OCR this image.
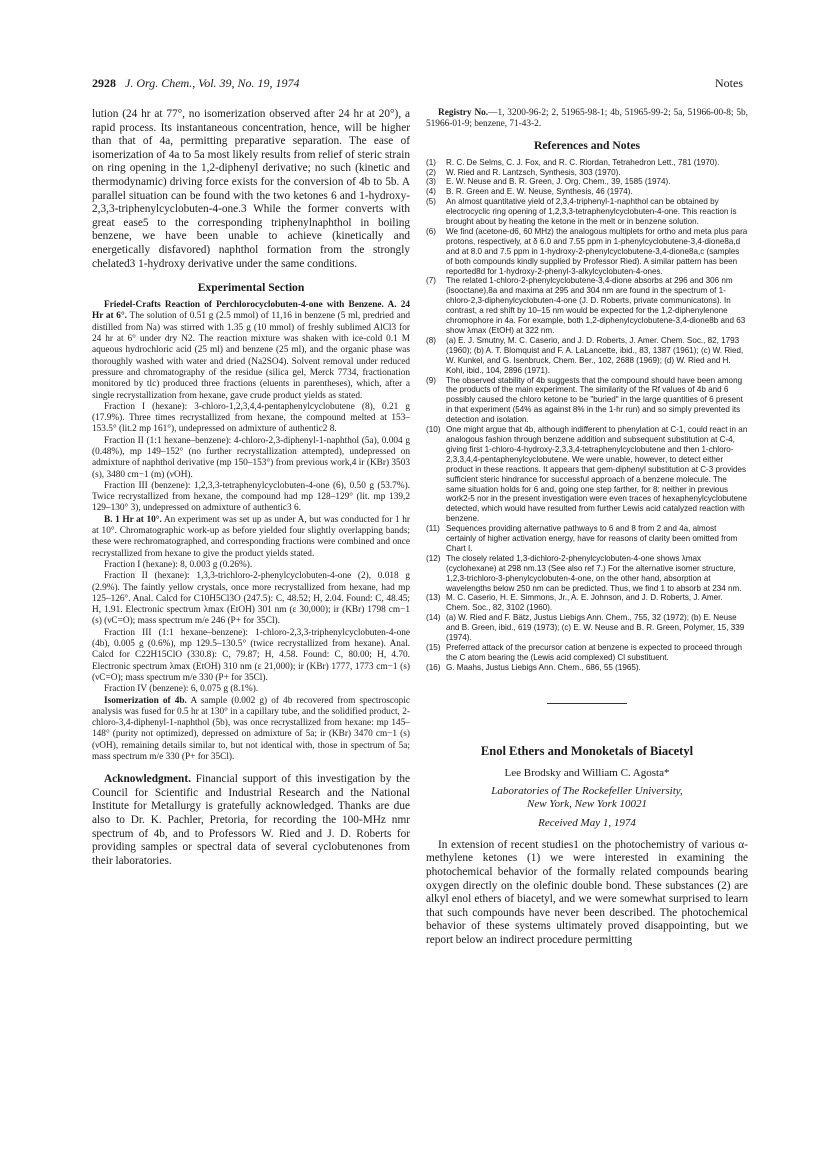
2928 J. Org. Chem., Vol. 39, No. 19, 1974	Notes

lution (24 hr at 77°, no isomerization observed after 24 hr at 20°), a rapid process. Its instantaneous concentration, hence, will be higher than that of 4a, permitting preparative separation. The ease of isomerization of 4a to 5a most likely results from relief of steric strain on ring opening in the 1,2-diphenyl derivative; no such (kinetic and thermodynamic) driving force exists for the conversion of 4b to 5b. A parallel situation can be found with the two ketones 6 and 1-hydroxy-2,3,3-triphenylcyclobuten-4-one.3 While the former converts with great ease5 to the corresponding triphenylnaphthol in boiling benzene, we have been unable to achieve (kinetically and energetically disfavored) naphthol formation from the strongly chelated3 1-hydroxy derivative under the same conditions.

Experimental Section

Friedel-Crafts Reaction of Perchlorocyclobuten-4-one with Benzene. A. 24 Hr at 6°. The solution of 0.51 g (2.5 mmol) of 11,16 in benzene (5 ml, predried and distilled from Na) was stirred with 1.35 g (10 mmol) of freshly sublimed AlCl3 for 24 hr at 6° under dry N2. The reaction mixture was shaken with ice-cold 0.1 M aqueous hydrochloric acid (25 ml) and benzene (25 ml), and the organic phase was thoroughly washed with water and dried (Na2SO4). Solvent removal under reduced pressure and chromatography of the residue (silica gel, Merck 7734, fractionation monitored by tlc) produced three fractions (eluents in parentheses), which, after a single recrystallization from hexane, gave crude product yields as stated.

Fraction I (hexane): 3-chloro-1,2,3,4,4-pentaphenylcyclobutene (8), 0.21 g (17.9%). Three times recrystallized from hexane, the compound melted at 153–153.5° (lit.2 mp 161°), undepressed on admixture of authentic2 8.

Fraction II (1:1 hexane–benzene): 4-chloro-2,3-diphenyl-1-naphthol (5a), 0.004 g (0.48%), mp 149–152° (no further recrystallization attempted), undepressed on admixture of naphthol derivative (mp 150–153°) from previous work,4 ir (KBr) 3503 (s), 3480 cm−1 (m) (νOH).

Fraction III (benzene): 1,2,3,3-tetraphenylcyclobuten-4-one (6), 0.50 g (53.7%). Twice recrystallized from hexane, the compound had mp 128–129° (lit. mp 139,2 129–130° 3), undepressed on admixture of authentic3 6.

B. 1 Hr at 10°. An experiment was set up as under A, but was conducted for 1 hr at 10°. Chromatographic work-up as before yielded four slightly overlapping bands; these were rechromatographed, and corresponding fractions were combined and once recrystallized from hexane to give the product yields stated.

Fraction I (hexane): 8, 0.003 g (0.26%).

Fraction II (hexane): 1,3,3-trichloro-2-phenylcyclobuten-4-one (2), 0.018 g (2.9%). The faintly yellow crystals, once more recrystallized from hexane, had mp 125–126°. Anal. Calcd for C10H5Cl3O (247.5): C, 48.52; H, 2.04. Found: C, 48.45; H, 1.91. Electronic spectrum λmax (EtOH) 301 nm (ε 30,000); ir (KBr) 1798 cm−1 (s) (νC=O); mass spectrum m/e 246 (P+ for 35Cl).

Fraction III (1:1 hexane–benzene): 1-chloro-2,3,3-triphenylcyclobuten-4-one (4b), 0.005 g (0.6%), mp 129.5–130.5° (twice recrystallized from hexane). Anal. Calcd for C22H15ClO (330.8): C, 79.87; H, 4.58. Found: C, 80.00; H, 4.70. Electronic spectrum λmax (EtOH) 310 nm (ε 21,000); ir (KBr) 1777, 1773 cm−1 (s) (νC=O); mass spectrum m/e 330 (P+ for 35Cl).

Fraction IV (benzene): 6, 0.075 g (8.1%).

Isomerization of 4b. A sample (0.002 g) of 4b recovered from spectroscopic analysis was fused for 0.5 hr at 130° in a capillary tube, and the solidified product, 2-chloro-3,4-diphenyl-1-naphthol (5b), was once recrystallized from hexane: mp 145–148° (purity not optimized), depressed on admixture of 5a; ir (KBr) 3470 cm−1 (s) (νOH), remaining details similar to, but not identical with, those in spectrum of 5a; mass spectrum m/e 330 (P+ for 35Cl).

Acknowledgment. Financial support of this investigation by the Council for Scientific and Industrial Research and the National Institute for Metallurgy is gratefully acknowledged. Thanks are due also to Dr. K. Pachler, Pretoria, for recording the 100-MHz nmr spectrum of 4b, and to Professors W. Ried and J. D. Roberts for providing samples or spectral data of several cyclobutenones from their laboratories.

Registry No.—1, 3200-96-2; 2, 51965-98-1; 4b, 51965-99-2; 5a, 51966-00-8; 5b, 51966-01-9; benzene, 71-43-2.

References and Notes
(1) R. C. De Selms, C. J. Fox, and R. C. Riordan, Tetrahedron Lett., 781 (1970).
(2) W. Ried and R. Lantzsch, Synthesis, 303 (1970).
(3) E. W. Neuse and B. R. Green, J. Org. Chem., 39, 1585 (1974).
(4) B. R. Green and E. W. Neuse, Synthesis, 46 (1974).
(5) An almost quantitative yield of 2,3,4-triphenyl-1-naphthol can be obtained by electrocyclic ring opening of 1,2,3,3-tetraphenylcyclobuten-4-one. This reaction is brought about by heating the ketone in the melt or in benzene solution.
(6) We find (acetone-d6, 60 MHz) the analogous multiplets for ortho and meta plus para protons, respectively, at δ 6.0 and 7.55 ppm in 1-phenylcyclobutene-3,4-dione8a,d and at 8.0 and 7.5 ppm in 1-hydroxy-2-phenylcyclobutene-3,4-dione8a,c (samples of both compounds kindly supplied by Professor Ried). A similar pattern has been reported8d for 1-hydroxy-2-phenyl-3-alkylcyclobuten-4-ones.
(7) The related 1-chloro-2-phenylcyclobutene-3,4-dione absorbs at 296 and 306 nm (isooctane),8a and maxima at 295 and 304 nm are found in the spectrum of 1-chloro-2,3-diphenylcyclobuten-4-one (J. D. Roberts, private communicatons). In contrast, a red shift by 10–15 nm would be expected for the 1,2-diphenylenone chromophore in 4a. For example, both 1,2-diphenylcyclobutene-3,4-dione8b and 63 show λmax (EtOH) at 322 nm.
(8) (a) E. J. Smutny, M. C. Caserio, and J. D. Roberts, J. Amer. Chem. Soc., 82, 1793 (1960); (b) A. T. Blomquist and F. A. LaLancette, ibid., 83, 1387 (1961); (c) W. Ried, W. Kunkel, and G. Isenbruck, Chem. Ber., 102, 2688 (1969); (d) W. Ried and H. Kohl, ibid., 104, 2896 (1971).
(9) The observed stability of 4b suggests that the compound should have been among the products of the main experiment. The similarity of the Rf values of 4b and 6 possibly caused the chloro ketone to be "buried" in the large quantities of 6 present in that experiment (54% as against 8% in the 1-hr run) and so simply prevented its detection and isolation.
(10) One might argue that 4b, although indifferent to phenylation at C-1, could react in an analogous fashion through benzene addition and subsequent substitution at C-4, giving first 1-chloro-4-hydroxy-2,3,3,4-tetraphenylcyclobutene and then 1-chloro-2,3,3,4,4-pentaphenylcyclobutene. We were unable, however, to detect either product in these reactions. It appears that gem-diphenyl substitution at C-3 provides sufficient steric hindrance for successful approach of a benzene molecule. The same situation holds for 6 and, going one step farther, for 8: neither in previous work2-5 nor in the present investigation were even traces of hexaphenylcyclobutene detected, which would have resulted from further Lewis acid catalyzed reaction with benzene.
(11) Sequences providing alternative pathways to 6 and 8 from 2 and 4a, almost certainly of higher activation energy, have for reasons of clarity been omitted from Chart I.
(12) The closely related 1,3-dichloro-2-phenylcyclobuten-4-one shows λmax (cyclohexane) at 298 nm.13 (See also ref 7.) For the alternative isomer structure, 1,2,3-trichloro-3-phenylcyclobuten-4-one, on the other hand, absorption at wavelengths below 250 nm can be predicted. Thus, we find 1 to absorb at 234 nm.
(13) M. C. Caserio, H. E. Simmons, Jr., A. E. Johnson, and J. D. Roberts, J. Amer. Chem. Soc., 82, 3102 (1960).
(14) (a) W. Ried and F. Bätz, Justus Liebigs Ann. Chem., 755, 32 (1972); (b) E. Neuse and B. Green, ibid., 619 (1973); (c) E. W. Neuse and B. R. Green, Polymer, 15, 339 (1974).
(15) Preferred attack of the precursor cation at benzene is expected to proceed through the C atom bearing the (Lewis acid complexed) Cl substituent.
(16) G. Maahs, Justus Liebigs Ann. Chem., 686, 55 (1965).
Enol Ethers and Monoketals of Biacetyl
Lee Brodsky and William C. Agosta*
Laboratories of The Rockefeller University,
New York, New York 10021
Received May 1, 1974

In extension of recent studies1 on the photochemistry of various α-methylene ketones (1) we were interested in examining the photochemical behavior of the formally related compounds bearing oxygen directly on the olefinic double bond. These substances (2) are alkyl enol ethers of biacetyl, and we were somewhat surprised to learn that such compounds have never been described. The photochemical behavior of these systems ultimately proved disappointing, but we report below an indirect procedure permitting
